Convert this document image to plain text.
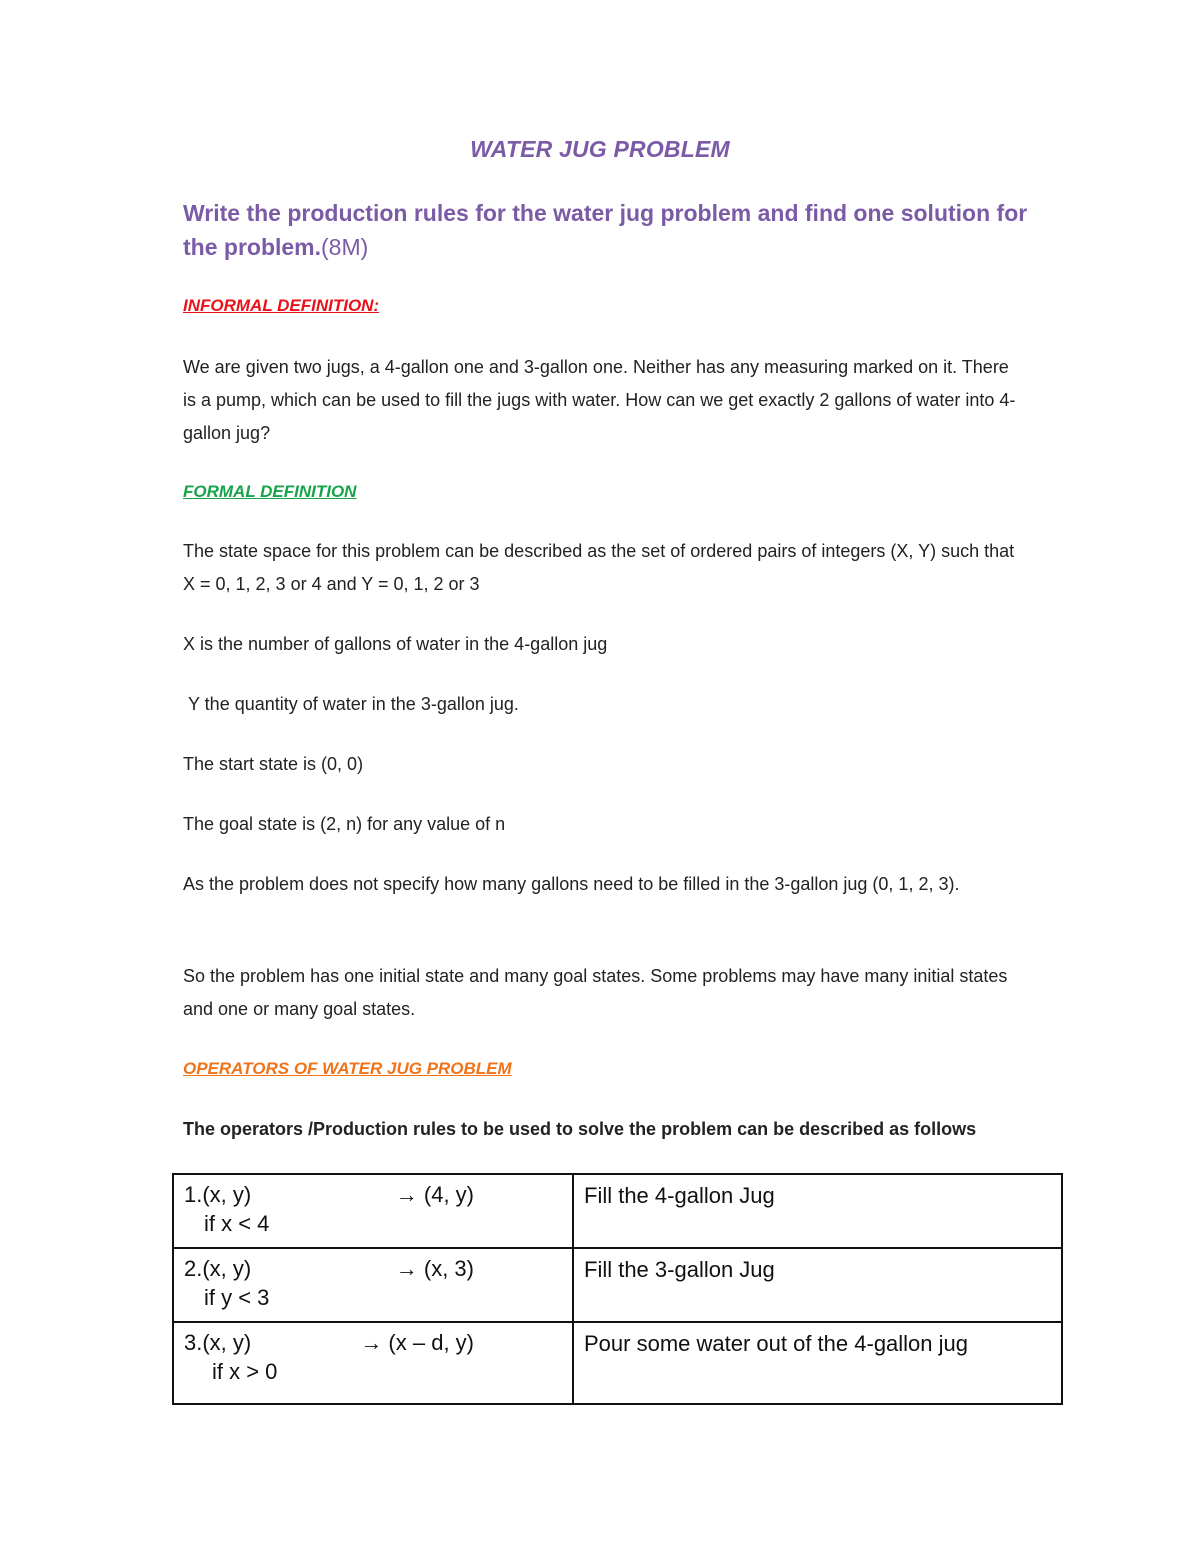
WATER JUG PROBLEM
Write the production rules for the water jug problem and find one solution for the problem.(8M)
INFORMAL DEFINITION:
We are given two jugs, a 4-gallon one and 3-gallon one. Neither has any measuring marked on it. There is a pump, which can be used to fill the jugs with water. How can we get exactly 2 gallons of water into 4-gallon jug?
FORMAL DEFINITION
The state space for this problem can be described as the set of ordered pairs of integers (X, Y) such that X = 0, 1, 2, 3 or 4 and Y = 0, 1, 2 or 3
X is the number of gallons of water in the 4-gallon jug
Y the quantity of water in the 3-gallon jug.
The start state is (0, 0)
The goal state is (2, n) for any value of n
As the problem does not specify how many gallons need to be filled in the 3-gallon jug (0, 1, 2, 3).
So the problem has one initial state and many goal states. Some problems may have many initial states and one or many goal states.
OPERATORS OF WATER JUG PROBLEM
The operators /Production rules to be used to solve the problem can be described as follows
1.(x, y) → (4, y)
if x < 4	Fill the 4-gallon Jug

2.(x, y) → (x, 3)
if y < 3	Fill the 3-gallon Jug

3.(x, y) → (x – d, y)
if x > 0	Pour some water out of the 4-gallon jug
